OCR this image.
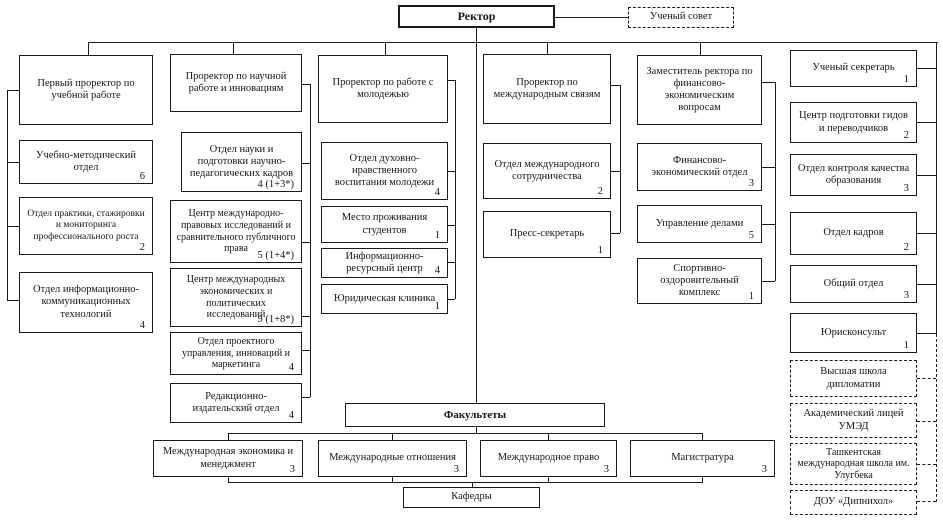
Ректор	Ученый совет
Первый проректор по учебной работе
Учебно-методический отдел
6
Отдел практики, стажировки и мониторинга профессионального роста
2
Отдел информационно-коммуникационных технологий
4
Проректор по научной работе и инновациям
Отдел науки и подготовки научно-педагогических кадров
4 (1+3*)
Центр международно-правовых исследований и сравнительного публичного права
5 (1+4*)
Центр международных экономических и политических исследований
9 (1+8*)
Отдел проектного управления, инноваций и маркетинга	4
Редакционно-издательский отдел
4
Проректор по работе с молодежью
Отдел духовно-нравственного воспитания молодежи
4
Место проживания студентов	1
Информационно-ресурсный центр	4
Юридическая клиника
1
Проректор по международным связям
Отдел международного сотрудничества
2
Пресс-секретарь
1
Заместитель ректора по финансово-экономическим вопросам
Финансово-экономический отдел
3
Управление делами
5
Спортивно-оздоровительный комплекс	1
Ученый секретарь
1
Центр подготовки гидов и переводчиков
2
Отдел контроля качества образования
3
Отдел кадров
2
Общий отдел
3
Юрисконсульт
1
Высшая школа дипломатии
Академический лицей УМЭД
Ташкентская международная школа им. Улугбека
ДОУ «Дипнихол»
Факультеты
Международная экономика и менеджмент	3
Международные отношения
3
Международное право
3
Магистратура
3
Кафедры
